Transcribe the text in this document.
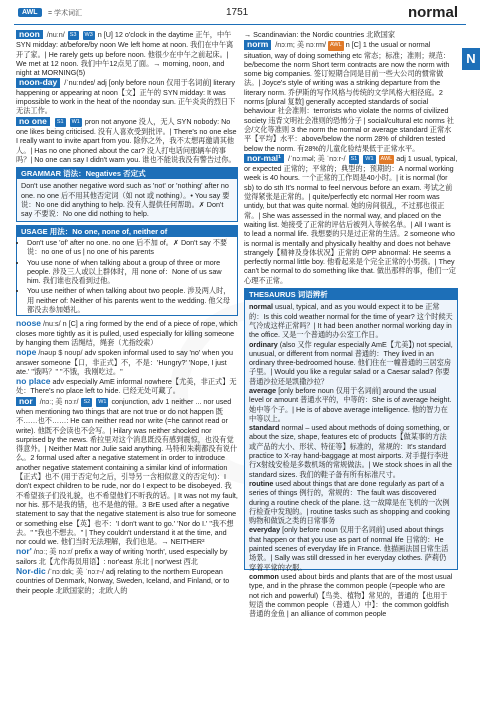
AWL	= 学术词汇	1751	normal
N
noon /nuːn/ S3 W3 n [U] 12 o'clock in the daytime 正午，中午 SYN midday: at/before/by noon We left home at noon. 我们在中午离开了家。| He rarely gets up before noon. 他很少在中午之前起床。| We met at 12 noon. 我们中午12点见了面。→ morning, noon, and night at MORNING(5)
noon-day /ˈnuːndeɪ/ adj [only before noun 仅用于名词前] literary happening or appearing at noon【文】正午的 SYN midday: It was impossible to work in the heat of the noonday sun. 正午炎炎的烈日下无法工作。
no one S1 W1 pron not anyone 没人，无人 SYN nobody: No one likes being criticised. 没有人喜欢受到批评。| There's no one else I really want to invite apart from you. 除你之外，我不太想再邀请其他人。| Has no one phoned about the car? 没人打电话问那辆车的事吗？| No one can say I didn't warn you. 谁也不能说我没有警告过你。
GRAMMAR 语法：Negatives 否定式
Don't use another negative word such as 'not' or 'nothing' after no one. no one 后不用其他否定词（如 not 或 nothing）。• You say 要说：No one did anything to help. 没有人提供任何帮助。✗ Don't say 不要说：No one did nothing to help.
USAGE 用法：No one, none of, neither of
• Don't use 'of' after no one. no one 后不加 of。✗ Don't say 不要说：no one of us | no one of his parents
• You use none of when talking about a group of three or more people. 涉及三人或以上群体时，用 none of：None of us saw him. 我们谁也没看到过他。
• You use neither of when talking about two people. 涉及两人时，用 neither of: Neither of his parents went to the wedding. 他父母都没去参加婚礼。
noose /nuːs/ n [C] a ring formed by the end of a piece of rope, which closes more tightly as it is pulled, used especially for killing someone by hanging them 活绳结，绳套（尤指绞索）
nope /nəʊp $ noʊp/ adv spoken informal used to say 'no' when you answer someone【口，非正式】不，不是：'Hungry?' 'Nope, I just ate.' "饿吗？" "不饿，我刚吃过。"
no place adv especially AmE informal nowhere【尤美，非正式】无处：There's no place left to hide. 已经无处可藏了。
nor /nɔː; 美 nɔːr/ S2 W1 conjunction, adv 1 neither ... nor used when mentioning two things that are not true or do not happen 既不……也不……: He can neither read nor write (=he cannot read or write). 他既不会读也不会写。| Hilary was neither shocked nor surprised by the news. 希拉里对这个消息既没有感到震惊，也没有觉得意外。| Neither Matt nor Julie said anything. 马特和朱莉都没有说什么。2 formal used after a negative statement in order to introduce another negative statement containing a similar kind of information【正式】也不 (用于否定句之后，引导另一含相似意义的否定句)：I don't expect children to be rude, nor do I expect to be disobeyed. 我不希望孩子们没礼貌，也不希望他们不听我的话。| It was not my fault, nor his. 那不是我的错，也不是他的错。3 BrE used after a negative statement to say that the negative statement is also true for someone or something else【英】也不：'I don't want to go.' 'Nor do I.' "我不想去。" "我也不想去。" | They couldn't understand it at the time, and nor could we. 他们当时无法理解，我们也是。→ NEITHER²
nor' /nɔː; 美 nɔːr/ prefix a way of writing 'north', used especially by sailors 北【尤作海员用语】: nor'east 东北 | nor'west 西北
Nor-dic /ˈnɔːdɪk; 美 ˈnɔːr-/ adj relating to the northern European countries of Denmark, Norway, Sweden, Iceland, and Finland, or to their people 北欧国家的；北欧人的
→ Scandinavian: the Nordic countries 北欧国家
norm /nɔːm; 美 nɔːrm/ AWL n [C] 1 the usual or normal situation, way of doing something etc 常态；标准；准则；规范：be/become the norm Short term contracts are now the norm with some big companies. 签订短期合同是目前一些大公司的惯常做法。| Joyce's style of writing was a striking departure from the literary norm. 乔伊斯的写作风格与传统的文学风格大相径庭。2 norms [plural 复数] generally accepted standards of social behaviour 社会准则：terrorists who violate the norms of civilized society 违背文明社会准则的恐怖分子 | social/cultural etc norms 社会/文化等准则 3 the norm the normal or average standard 正常水平【平均】水平：above/below the norm 28% of children tested below the norm. 有28%的儿童化验结果低于正常水平。
nor-mal¹ /ˈnɔːməl; 美 ˈnɔːr-/ S1 W1 AWL adj 1 usual, typical, or expected 正常的；平常的；典型的；预期的：A normal working week is 40 hours. 一个正常的工作周是40小时。| it is normal (for sb) to do sth It's normal to feel nervous before an exam. 考试之前觉得紧张是正常的。| quite/perfectly etc normal Her room was untidy, but that was quite normal. 她的房间很乱，不过那也很正常。| She was assessed in the normal way, and placed on the waiting list. 她接受了正常的评估后被列入等候名单。| All I want is to lead a normal life. 我想要的只是过正常的生活。2 someone who is normal is mentally and physically healthy and does not behave strangely【精神及身体状况】正常的 OPP abnormal: He seems a perfectly normal little boy. 他看起来是个完全正常的小男孩。| They can't be normal to do something like that. 做出那样的事，他们一定心理不正常。
THESAURUS 词语辨析
normal usual, typical, and as you would expect it to be 正常的：Is this cold weather normal for the time of year? 这个时候天气冷成这样正常吗？| It had been another normal working day in the office. 又是一个普通的办公室工作日。
ordinary (also 又作 regular especially AmE【尤美】) not special, unusual, or different from normal 普通的：They lived in an ordinary three-bedroomed house. 他们住在一幢普通的三居室房子里。| Would you like a regular salad or a Caesar salad? 你要普通沙拉还是凯撒沙拉？
average [only before noun 仅用于名词前] around the usual level or amount 普通水平的，中等的：She is of average height. 她中等个子。| He is of above average intelligence. 他的智力在中等以上。
standard normal – used about methods of doing something, or about the size, shape, features etc of products【做某事的方法或产品的大小、形状、特征等】标准的，常规的：It's standard practice to X-ray hand-baggage at most airports. 对手提行李进行X射线安检是多数机场的常规做法。| We stock shoes in all the standard sizes. 我们的鞋子备有所有标准尺寸。
routine used about things that are done regularly as part of a series of things 例行的，常规的：The fault was discovered during a routine check of the plane. 这一故障是在飞机的一次例行检查中发现的。| routine tasks such as shopping and cooking 购物和做饭之类的日常事务
everyday [only before noun 仅用于名词前] used about things that happen or that you use as part of normal life 日常的：He painted scenes of everyday life in France. 他描画法国日常生活场景。| Sally was still dressed in her everyday clothes. 萨莉仍穿着平常的衣服。
common used about birds and plants that are of the most usual type, and in the phrase the common people (=people who are not rich and powerful)【鸟类、植物】常见的，普通的【也用于短语 the common people（普通人）中】：the common goldfish 普通的金鱼 | an alliance of common people
